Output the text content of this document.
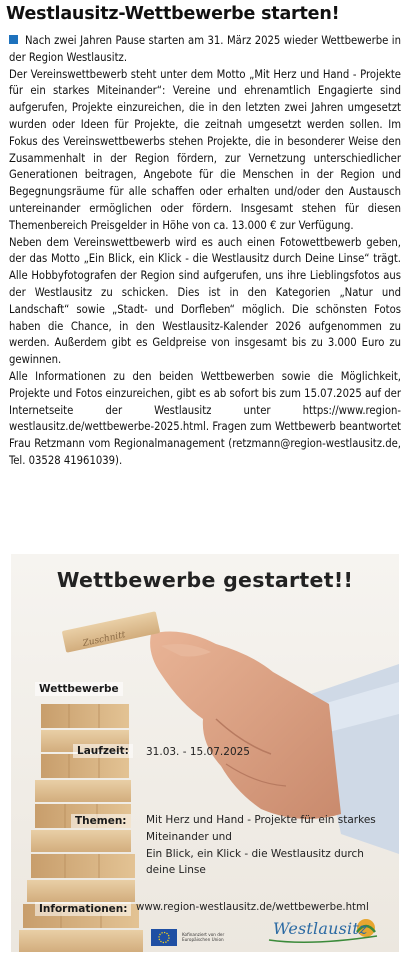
Westlausitz-Wettbewerbe starten!

Nach zwei Jahren Pause starten am 31. März 2025 wieder Wettbewerbe in der Region Westlausitz.

Der Vereinswettbewerb steht unter dem Motto „Mit Herz und Hand - Projekte für ein starkes Miteinander“: Vereine und ehrenamtlich Engagierte sind aufgerufen, Projekte einzureichen, die in den letzten zwei Jahren umgesetzt wurden oder Ideen für Projekte, die zeitnah umgesetzt werden sollen. Im Fokus des Vereinswettbewerbs stehen Projekte, die in besonderer Weise den Zusammenhalt in der Region fördern, zur Vernetzung unterschiedlicher Generationen beitragen, Angebote für die Menschen in der Region und Begegnungsräume für alle schaffen oder erhalten und/oder den Austausch untereinander ermöglichen oder fördern. Insgesamt stehen für diesen Themenbereich Preisgelder in Höhe von ca. 13.000 € zur Verfügung.

Neben dem Vereinswettbewerb wird es auch einen Fotowettbewerb geben, der das Motto „Ein Blick, ein Klick - die Westlausitz durch Deine Linse“ trägt. Alle Hobbyfotografen der Region sind aufgerufen, uns ihre Lieblingsfotos aus der Westlausitz zu schicken. Dies ist in den Kategorien „Natur und Landschaft“ sowie „Stadt- und Dorfleben“ möglich. Die schönsten Fotos haben die Chance, in den Westlausitz-Kalender 2026 aufgenommen zu werden. Außerdem gibt es Geldpreise von insgesamt bis zu 3.000 Euro zu gewinnen.

Alle Informationen zu den beiden Wettbewerben sowie die Möglichkeit, Projekte und Fotos einzureichen, gibt es ab sofort bis zum 15.07.2025 auf der Internetseite der Westlausitz unter https://www.region-westlausitz.de/wettbewerbe-2025.html. Fragen zum Wettbewerb beantwortet Frau Retzmann vom Regionalmanagement (retzmann@region-westlausitz.de, Tel. 03528 41961039).

Zuschnitt
Wettbewerbe gestartet!!
Wettbewerbe
Laufzeit:
Themen:
Informationen:
31.03. - 15.07.2025
Mit Herz und Hand - Projekte für ein starkes
Miteinander und
Ein Blick, ein Klick - die Westlausitz durch
deine Linse
www.region-westlausitz.de/wettbewerbe.html
Kofinanziert von der Europäischen Union
Westlausitz
